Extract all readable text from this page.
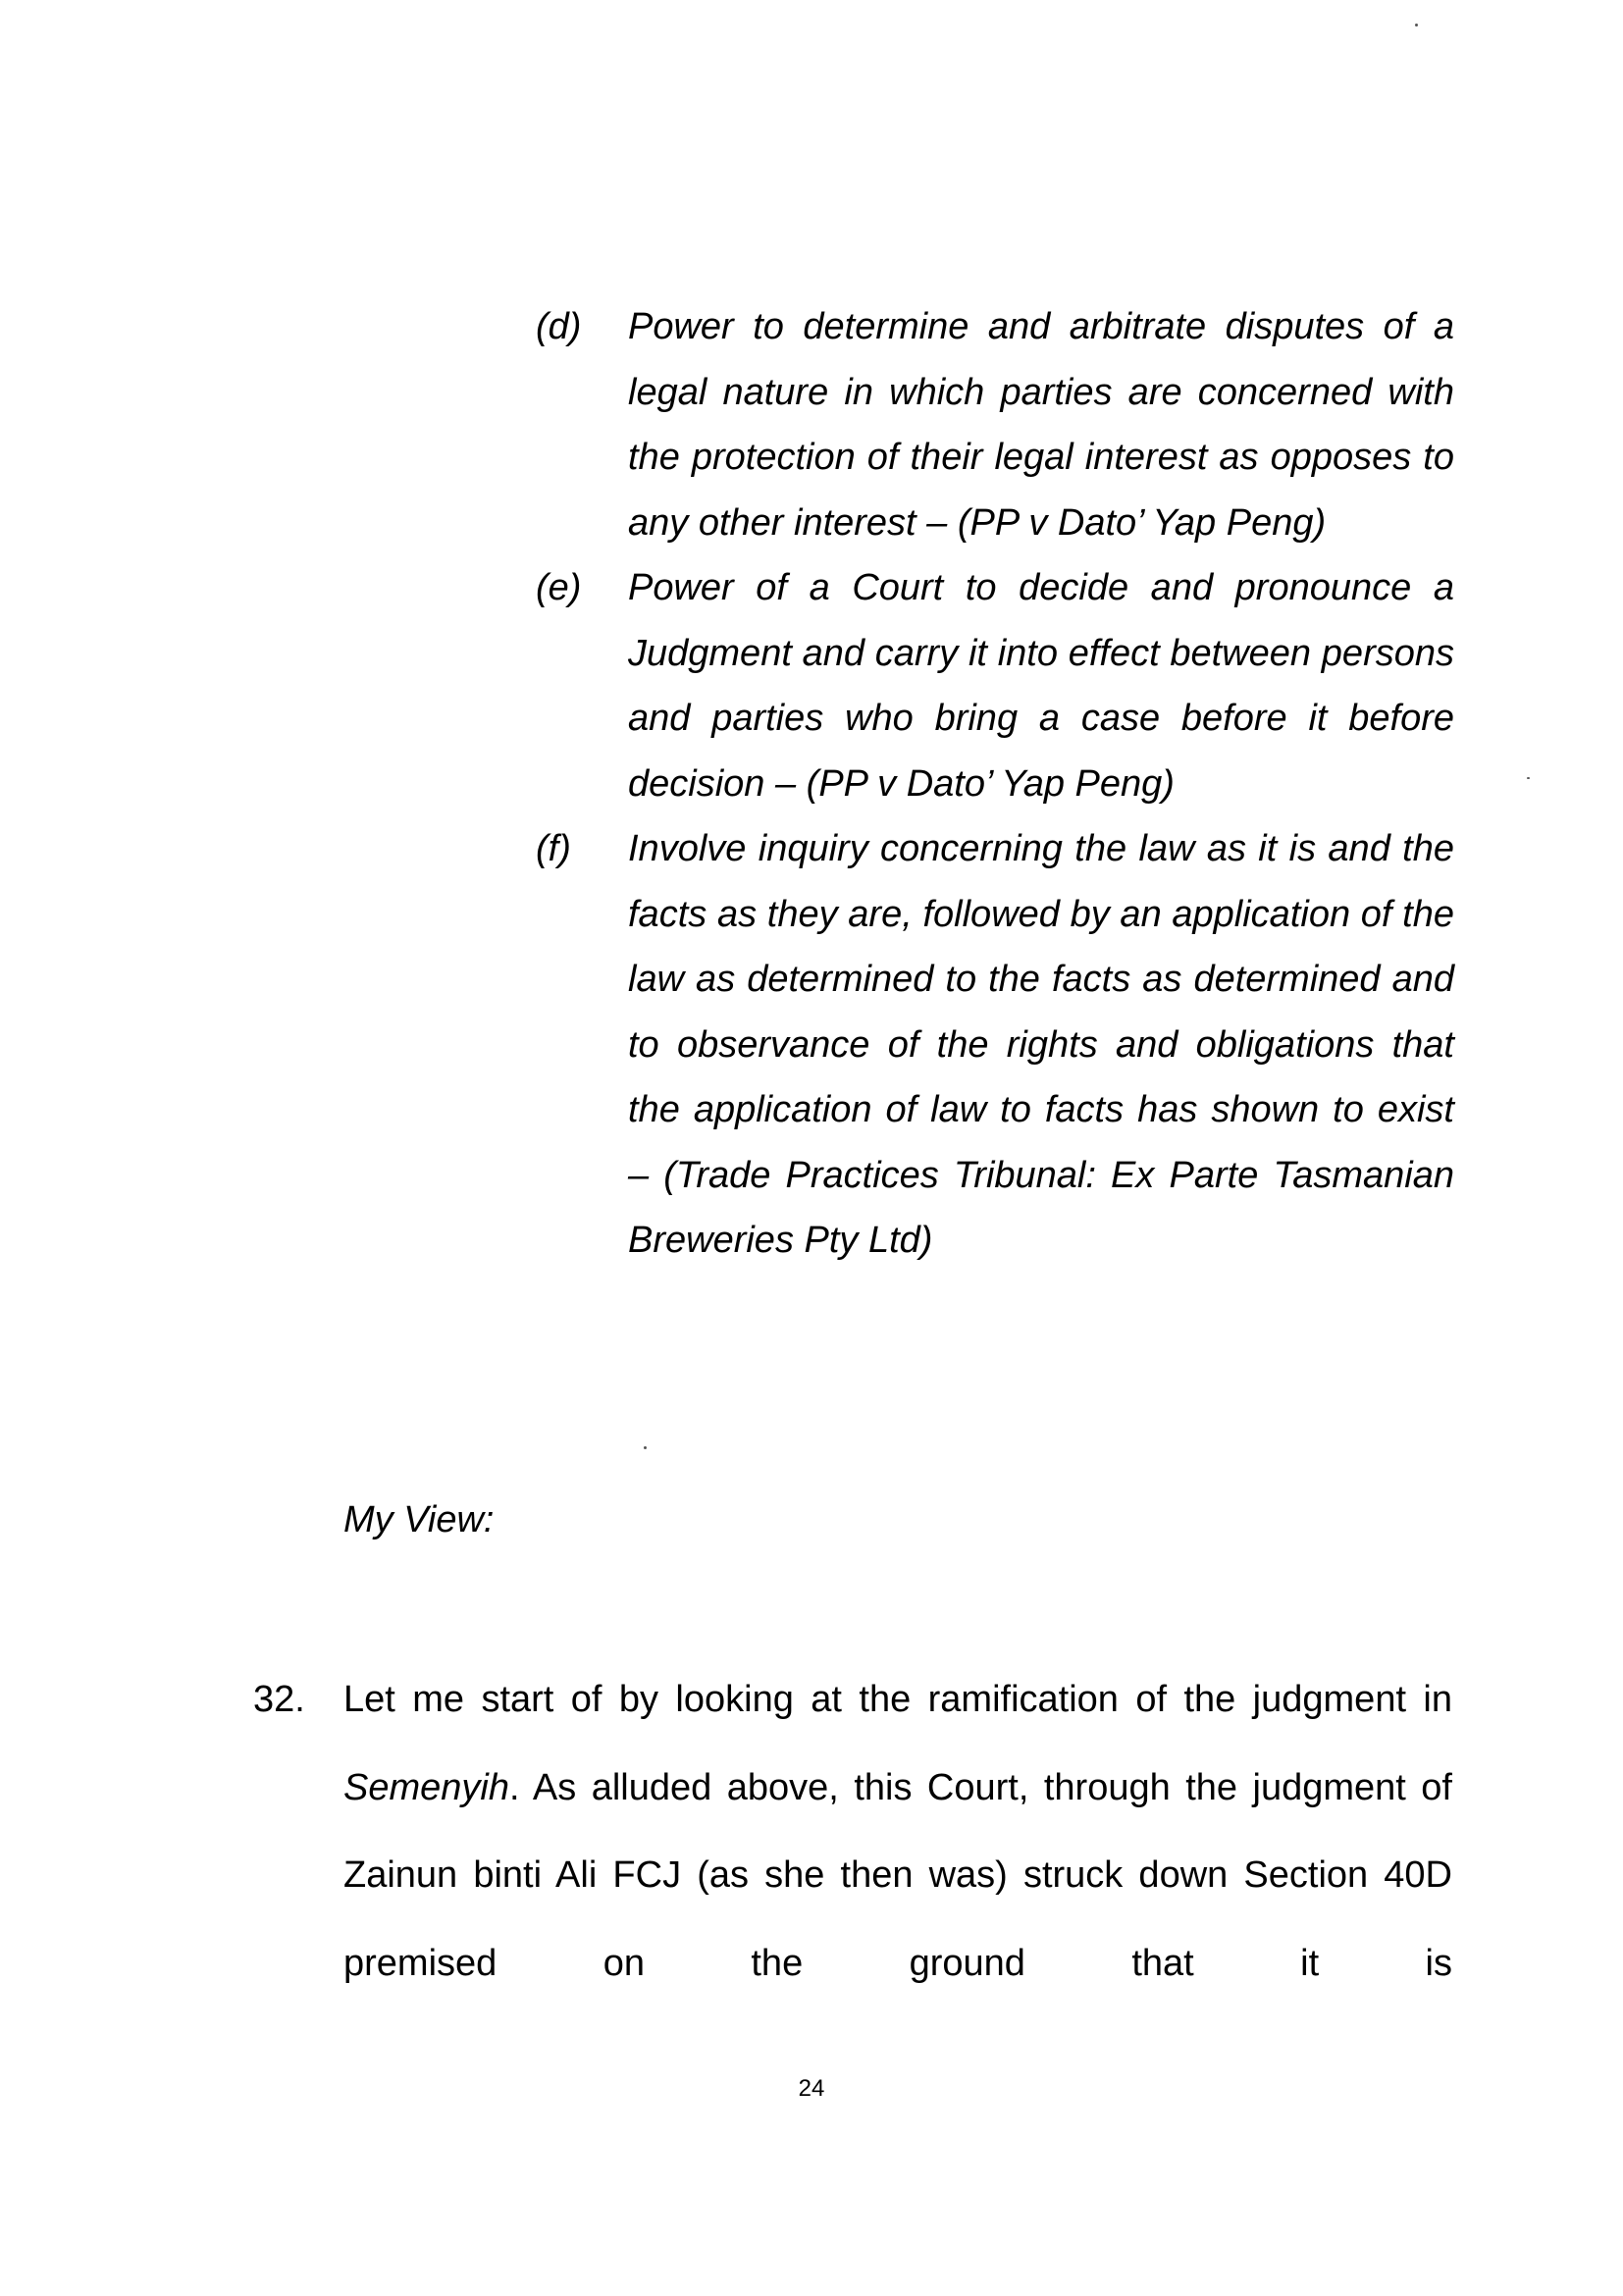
(d)	Power to determine and arbitrate disputes of a legal nature in which parties are concerned with the protection of their legal interest as opposes to any other interest – (PP v Dato’ Yap Peng)
(e)	Power of a Court to decide and pronounce a Judgment and carry it into effect between persons and parties who bring a case before it before decision – (PP v Dato’ Yap Peng)
(f)	Involve inquiry concerning the law as it is and the facts as they are, followed by an application of the law as determined to the facts as determined and to observance of the rights and obligations that the application of law to facts has shown to exist – (Trade Practices Tribunal: Ex Parte Tasmanian Breweries Pty Ltd)
My View:
32.	Let me start of by looking at the ramification of the judgment in Semenyih. As alluded above, this Court, through the judgment of Zainun binti Ali FCJ (as she then was) struck down Section 40D premised on the ground that it is
24
